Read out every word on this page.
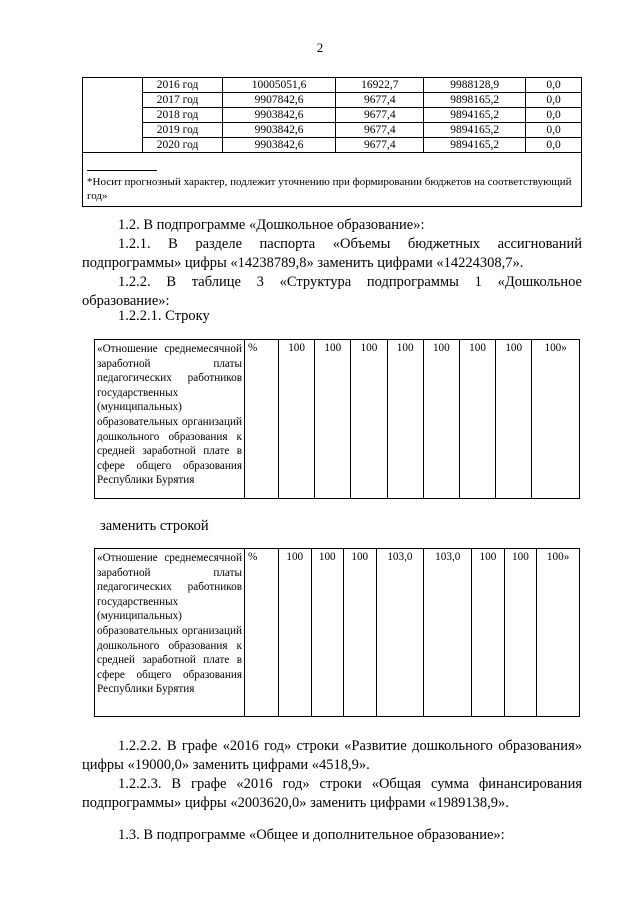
2
	2016 год	10005051,6	16922,7	9988128,9	0,0
	2017 год	9907842,6	9677,4	9898165,2	0,0
	2018 год	9903842,6	9677,4	9894165,2	0,0
	2019 год	9903842,6	9677,4	9894165,2	0,0
	2020 год	9903842,6	9677,4	9894165,2	0,0

*Носит прогнозный характер, подлежит уточнению при формировании бюджетов на соответствующий год»					
1.2. В подпрограмме «Дошкольное образование»:
1.2.1. В разделе паспорта «Объемы бюджетных ассигнований подпрограммы» цифры «14238789,8» заменить цифрами «14224308,7».
1.2.2. В таблице 3 «Структура подпрограммы 1 «Дошкольное образование»:
1.2.2.1. Строку
«Отношение среднемесячной заработной платы педагогических работников государственных (муниципальных) образовательных организаций дошкольного образования к средней заработной плате в сфере общего образования Республики Бурятия	%	100	100	100	100	100	100	100	100»
заменить строкой
«Отношение среднемесячной заработной платы педагогических работников государственных (муниципальных) образовательных организаций дошкольного образования к средней заработной плате в сфере общего образования Республики Бурятия	%	100	100	100	103,0	103,0	100	100	100»
1.2.2.2. В графе «2016 год» строки «Развитие дошкольного образования» цифры «19000,0» заменить цифрами «4518,9».
1.2.2.3. В графе «2016 год» строки «Общая сумма финансирования подпрограммы» цифры «2003620,0» заменить цифрами «1989138,9».
1.3. В подпрограмме «Общее и дополнительное образование»:
